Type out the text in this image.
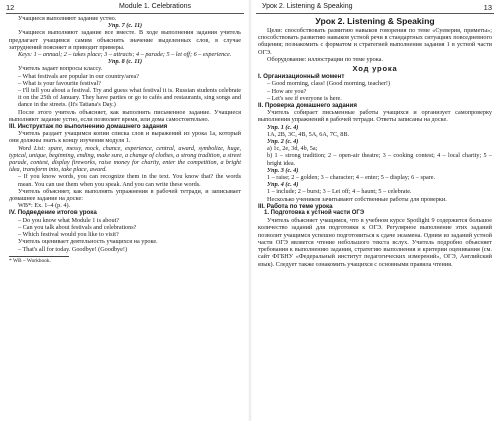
12	Module 1. Celebrations

Учащиеся выполняют задание устно.

Упр. 7 (с. 11)

Учащиеся выполняют задание все вместе. В ходе выполнения задания учитель предлагает учащимся самим объяснить значение выделенных слов, в случае затруднений поясняет и приводит примеры.

Keys: 1 – annual; 2 – takes place; 3 – attracts; 4 – parade; 5 – let off; 6 – experience.

Упр. 8 (с. 11)

Учитель задает вопросы классу.

– What festivals are popular in our country/area?

– What is your favourite festival?

– I'll tell you about a festival. Try and guess what festival it is. Russian students celebrate it on the 25th of January. They have parties or go to cafés and restaurants, sing songs and dance in the streets. (It's Tatiana's Day.)

После этого учитель объясняет, как выполнять письменное задание. Учащиеся выполняют задание устно, если позволяет время, или дома самостоятельно.

III. Инструктаж по выполнению домашнего задания

Учитель раздает учащимся копии списка слов и выражений из урока 1а, который они должны знать к концу изучения модуля 1.

Word List: spare, messy, mock, chance, experience, central, award, symbolize, huge, typical, unique, beginning, ending, make sure, a change of clothes, a strong tradition, a street parade, contest, display fireworks, raise money for charity, enter the competition, a bright idea, transform into, take place, award.

– If you know words, you can recognize them in the text. You know that? the words mean. You can use them when you speak. And you can write these words.

Учитель объясняет, как выполнять упражнения в рабочей тетради, и записывает домашнее задание на доске:

WB*: Ex. 1–4 (p. 4).

IV. Подведение итогов урока

– Do you know what Module 1 is about?

– Can you talk about festivals and celebrations?

– Which festival would you like to visit?

Учитель оценивает деятельность учащихся на уроке.

– That's all for today. Goodbye! (Goodbye!)

* WB – Workbook.

Урок 2. Listening & Speaking	13

Урок 2. Listening & Speaking

Цели: способствовать развитию навыков говорения по теме «Суеверия, приметы»; способствовать развитию навыков устной речи в стандартных ситуациях повседневного общения; познакомить с форматом и стратегией выполнения задания 1 в устной части ОГЭ.

Оборудование: иллюстрации по теме урока.

Ход урока

I. Организационный момент

– Good morning, class! (Good morning, teacher!)

– How are you?

– Let's see if everyone is here.

II. Проверка домашнего задания

Учитель собирает письменные работы учащихся и организует самопроверку выполнения упражнений в рабочей тетради. Ответы записаны на доске.

Упр. 1 (с. 4)

1A, 2B, 3C, 4B, 5A, 6A, 7C, 8B.

Упр. 2 (с. 4)

a) 1c, 2e, 3d, 4b, 5a;

b) 1 – strong tradition; 2 – open-air theatre; 3 – cooking contest; 4 – local charity; 5 – bright idea.

Упр. 3 (с. 4)

1 – raise; 2 – golden; 3 – character; 4 – enter; 5 – display; 6 – spare.

Упр. 4 (с. 4)

1 – include; 2 – burst; 3 – Let off; 4 – haunt; 5 – celebrate.

Несколько учеников зачитывают собственные работы для проверки.

III. Работа по теме урока

1. Подготовка к устной части ОГЭ

Учитель объясняет учащимся, что в учебном курсе Spotlight 9 содержится большое количество заданий для подготовки к ОГЭ. Регулярное выполнение этих заданий позволит учащимся успешно подготовиться к сдаче экзамена. Одним из заданий устной части ОГЭ является чтение небольшого текста вслух. Учитель подробно объясняет требования к выполнению задания, стратегию выполнения и критерии оценивания (см. сайт ФГБНУ «Федеральный институт педагогических измерений», ОГЭ, Английский язык). Следует также ознакомить учащихся с основными правила чтения.
